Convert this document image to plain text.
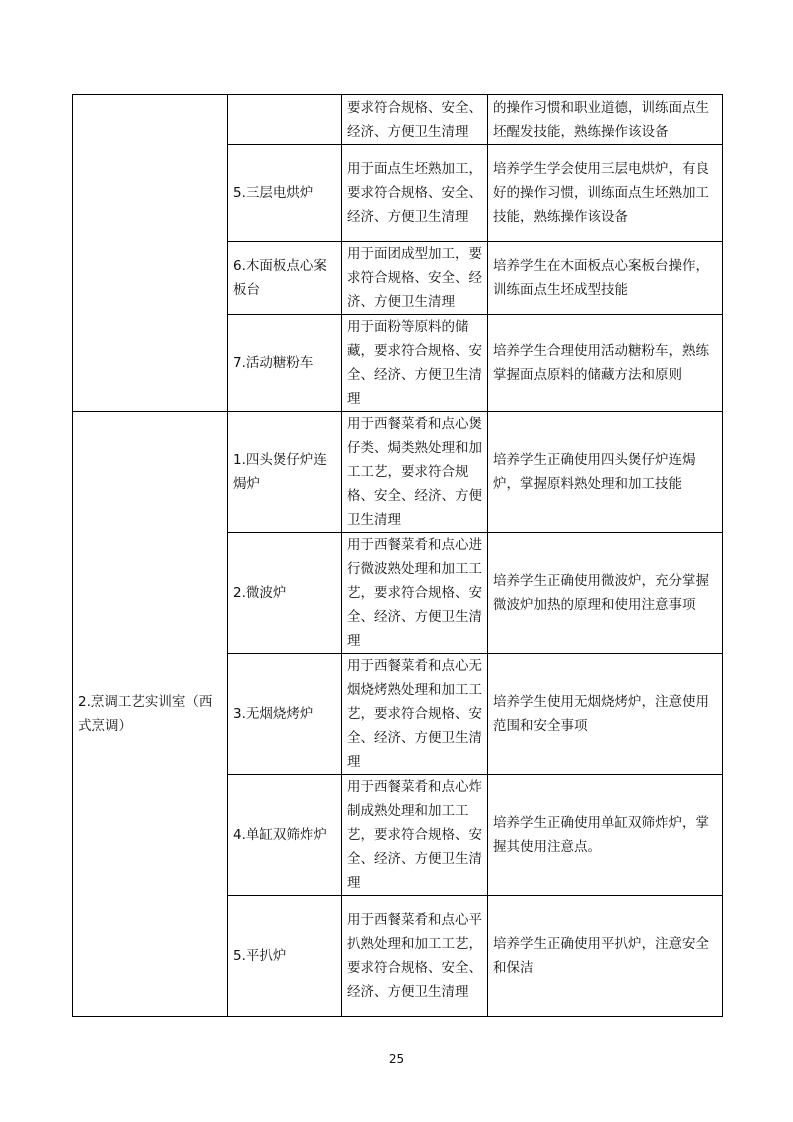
		要求符合规格、安全、经济、方便卫生清理	的操作习惯和职业道德，训练面点生坯醒发技能，熟练操作该设备
	5.三层电烘炉	用于面点生坯熟加工，要求符合规格、安全、经济、方便卫生清理	培养学生学会使用三层电烘炉，有良好的操作习惯，训练面点生坯熟加工技能，熟练操作该设备
	6.木面板点心案板台	用于面团成型加工，要求符合规格、安全、经济、方便卫生清理	培养学生在木面板点心案板台操作，训练面点生坯成型技能
	7.活动糖粉车	用于面粉等原料的储藏，要求符合规格、安全、经济、方便卫生清理	培养学生合理使用活动糖粉车，熟练掌握面点原料的储藏方法和原则
2.烹调工艺实训室（西式烹调）	1.四头煲仔炉连焗炉	用于西餐菜肴和点心煲仔类、焗类熟处理和加工工艺，要求符合规格、安全、经济、方便卫生清理	培养学生正确使用四头煲仔炉连焗炉，掌握原料熟处理和加工技能
	2.微波炉	用于西餐菜肴和点心进行微波熟处理和加工工艺，要求符合规格、安全、经济、方便卫生清理	培养学生正确使用微波炉，充分掌握微波炉加热的原理和使用注意事项
	3.无烟烧烤炉	用于西餐菜肴和点心无烟烧烤熟处理和加工工艺，要求符合规格、安全、经济、方便卫生清理	培养学生使用无烟烧烤炉，注意使用范围和安全事项
	4.单缸双筛炸炉	用于西餐菜肴和点心炸制成熟处理和加工工艺，要求符合规格、安全、经济、方便卫生清理	培养学生正确使用单缸双筛炸炉，掌握其使用注意点。
	5.平扒炉	用于西餐菜肴和点心平扒熟处理和加工工艺，要求符合规格、安全、经济、方便卫生清理	培养学生正确使用平扒炉，注意安全和保洁
25
